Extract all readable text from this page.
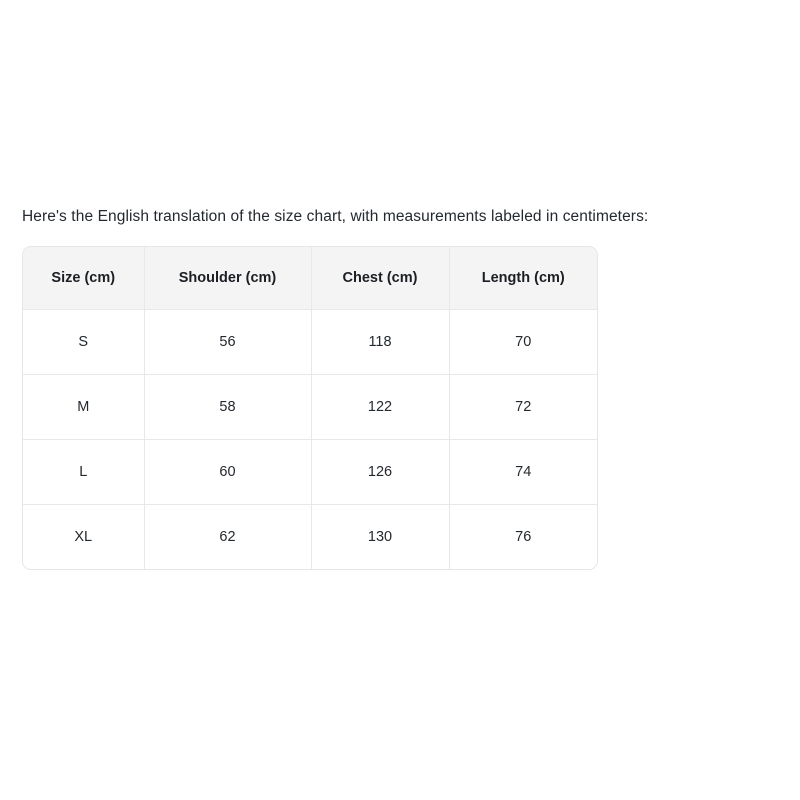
Here's the English translation of the size chart, with measurements labeled in centimeters:

Size (cm)	Shoulder (cm)	Chest (cm)	Length (cm)
S	56	118	70
M	58	122	72
L	60	126	74
XL	62	130	76
